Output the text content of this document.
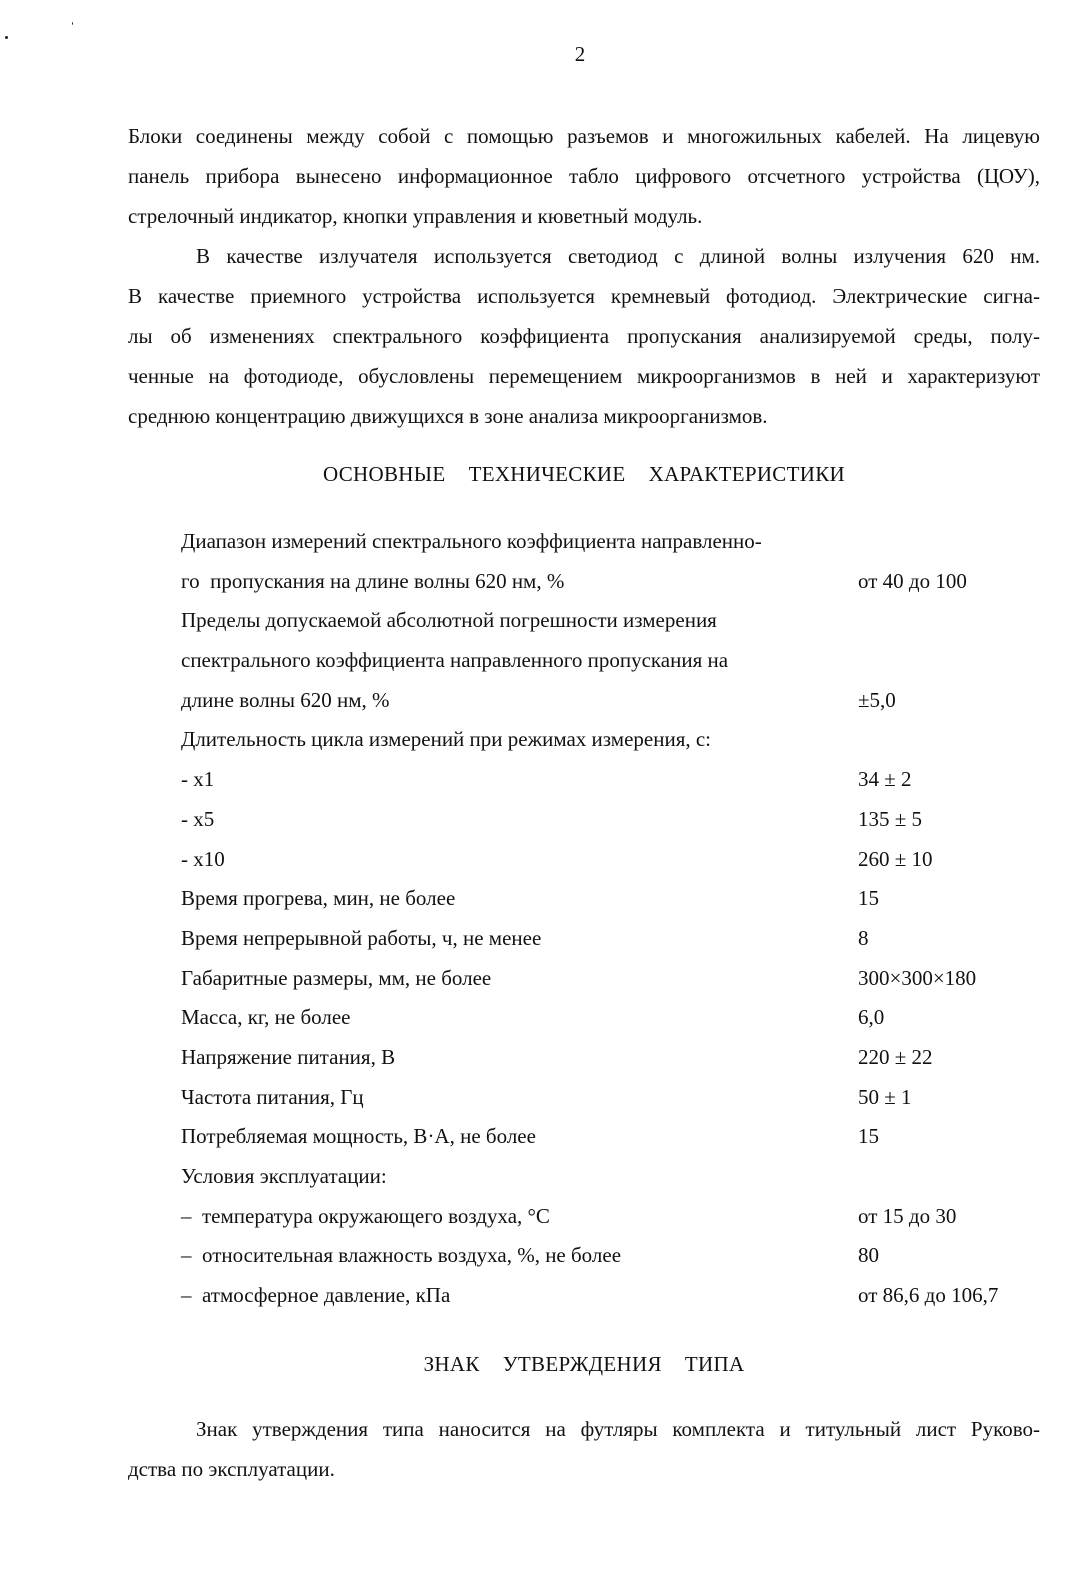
2
Блоки соединены между собой с помощью разъемов и многожильных кабелей. На лицевую
панель прибора вынесено информационное табло цифрового отсчетного устройства (ЦОУ),
стрелочный индикатор, кнопки управления и кюветный модуль.
В качестве излучателя используется светодиод с длиной волны излучения 620 нм.
В качестве приемного устройства используется кремневый фотодиод. Электрические сигна-
лы об изменениях спектрального коэффициента пропускания анализируемой среды, полу-
ченные на фотодиоде, обусловлены перемещением микроорганизмов в ней и характеризуют
среднюю концентрацию движущихся в зоне анализа микроорганизмов.
ОСНОВНЫЕ  ТЕХНИЧЕСКИЕ  ХАРАКТЕРИСТИКИ
Диапазон измерений спектрального коэффициента направленно-
го  пропускания на длине волны 620 нм, %	от 40 до 100
Пределы допускаемой абсолютной погрешности измерения
спектрального коэффициента направленного пропускания на
длине волны 620 нм, %	±5,0
Длительность цикла измерений при режимах измерения, с:
- х1	34 ± 2
- х5	135 ± 5
- х10	260 ± 10
Время прогрева, мин, не более	15
Время непрерывной работы, ч, не менее	8
Габаритные размеры, мм, не более	300×300×180
Масса, кг, не более	6,0
Напряжение питания, В	220 ± 22
Частота питания, Гц	50 ± 1
Потребляемая мощность, В·А, не более	15
Условия эксплуатации:
–  температура окружающего воздуха, °С	от 15 до 30
–  относительная влажность воздуха, %, не более	80
–  атмосферное давление, кПа	от 86,6 до 106,7
ЗНАК  УТВЕРЖДЕНИЯ  ТИПА
Знак утверждения типа наносится на футляры комплекта и титульный лист Руково-
дства по эксплуатации.
